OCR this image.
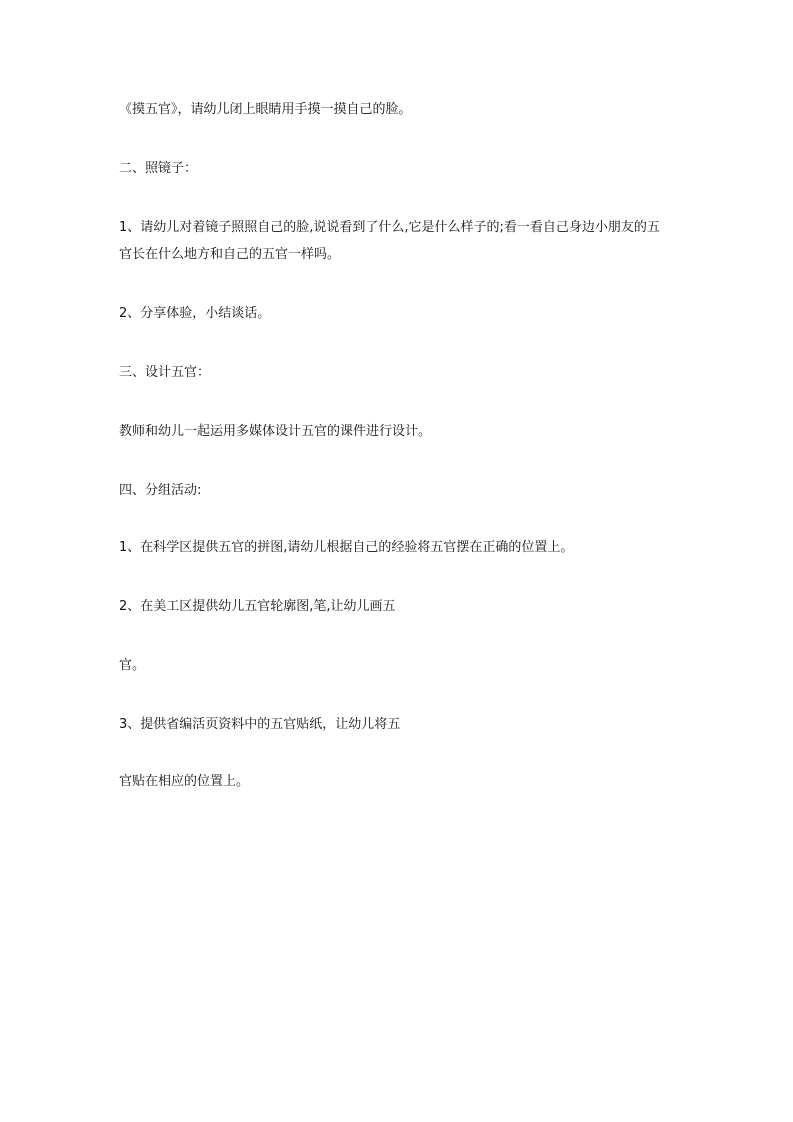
《摸五官》，请幼儿闭上眼睛用手摸一摸自己的脸。
二、照镜子：
1、请幼儿对着镜子照照自己的脸,说说看到了什么,它是什么样子的;看一看自己身边小朋友的五
官长在什么地方和自己的五官一样吗。
2、分享体验，小结谈话。
三、设计五官：
教师和幼儿一起运用多媒体设计五官的课件进行设计。
四、分组活动:
1、在科学区提供五官的拼图,请幼儿根据自己的经验将五官摆在正确的位置上。
2、在美工区提供幼儿五官轮廓图,笔,让幼儿画五
官。
3、提供省编活页资料中的五官贴纸，让幼儿将五
官贴在相应的位置上。
